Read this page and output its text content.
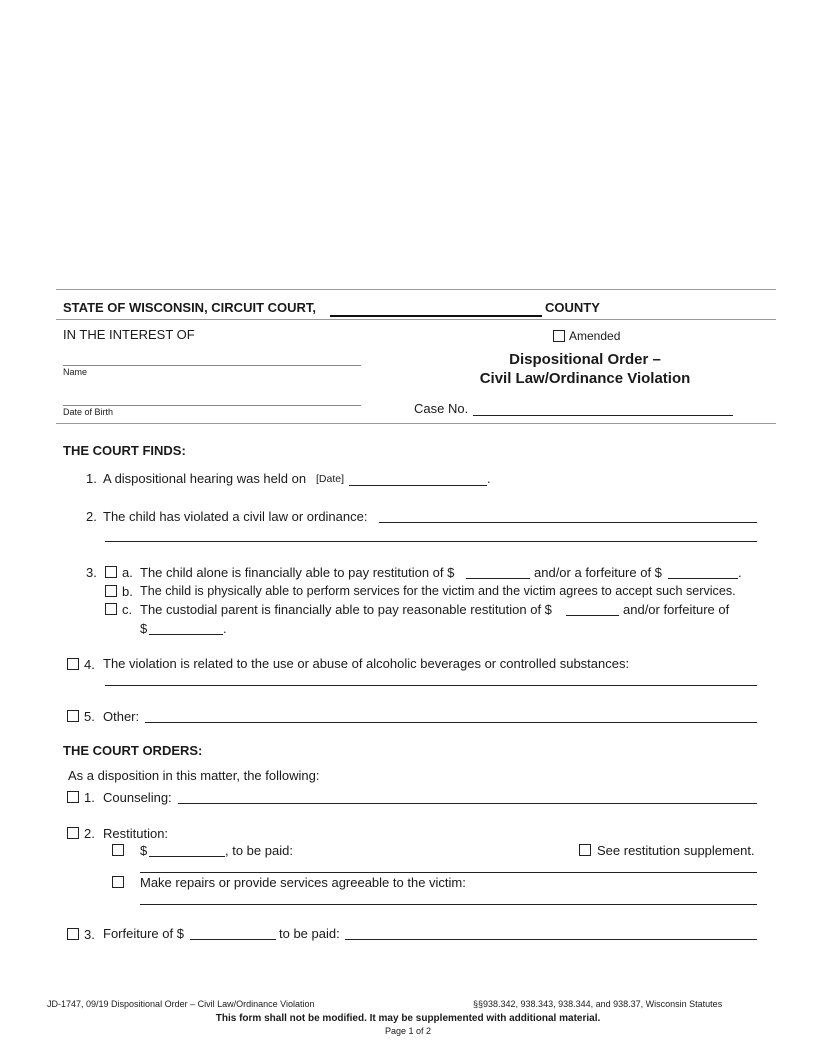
STATE OF WISCONSIN, CIRCUIT COURT,	COUNTY
IN THE INTEREST OF	Amended
Name
Date of Birth
Dispositional Order –
Civil Law/Ordinance Violation
Case No.
THE COURT FINDS:
1. A dispositional hearing was held on [Date]	.
2. The child has violated a civil law or ordinance:
3. a. The child alone is financially able to pay restitution of $	and/or a forfeiture of $	.
b. The child is physically able to perform services for the victim and the victim agrees to accept such services.
c. The custodial parent is financially able to pay reasonable restitution of $	and/or forfeiture of
$	.
4. The violation is related to the use or abuse of alcoholic beverages or controlled substances:
5. Other:
THE COURT ORDERS:
As a disposition in this matter, the following:
1. Counseling:
2. Restitution:
$	, to be paid:	See restitution supplement.
Make repairs or provide services agreeable to the victim:
3. Forfeiture of $	to be paid:
JD-1747, 09/19 Dispositional Order – Civil Law/Ordinance Violation	§§938.342, 938.343, 938.344, and 938.37, Wisconsin Statutes
This form shall not be modified. It may be supplemented with additional material.
Page 1 of 2
